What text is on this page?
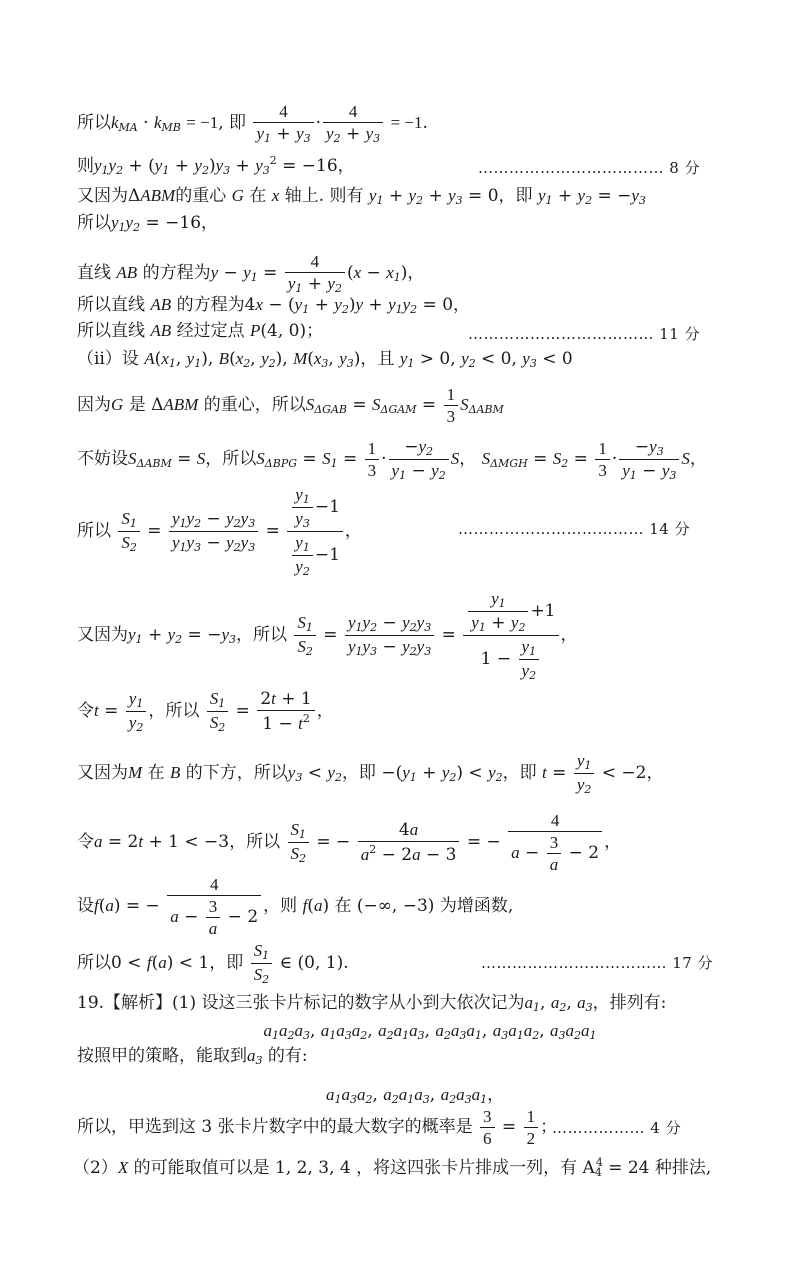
所以$k_{MA} \cdot k_{MB} = -1$, 即 $\frac{4}{y_1 + y_3} \cdot \frac{4}{y_2 + y_3} = -1$.
则$y_1y_2 + (y_1 + y_2)y_3 + y_3^2 = -16$，	……………………………… 8 分
又因为ΔABM的重心 G 在 x 轴上. 则有 $y_1 + y_2 + y_3 = 0$，即 $y_1 + y_2 = -y_3$
所以$y_1y_2 = -16$，
直线 AB 的方程为$y - y_1 = \frac{4}{y_1 + y_2} (x - x_1)$，
所以直线 AB 的方程为$4x - (y_1 + y_2)y + y_1y_2 = 0$，
所以直线 AB 经过定点 P(4, 0)；	……………………………… 11 分
（ⅱ）设 $A(x_1$, $y_1$), $B(x_2$, $y_2$), $M(x_3$, $y_3$)，且 $y_1 > 0$, $y_2 < 0$, $y_3 < 0$
因为G 是 ΔABM 的重心，所以$S_{\Delta GAB} = S_{\Delta GAM} = \frac{1}{3} S_{\Delta ABM}$
不妨设$S_{\Delta ABM} = S$，所以$S_{\Delta BPG} = S_1 = \frac{1}{3} \cdot \frac{-y_2}{y_1 - y_2}$ S， $S_{\Delta MGH} = S_2 = \frac{1}{3} \cdot \frac{-y_3}{y_1 - y_3}$ S，
所以 $\frac{S_1}{S_2} = \frac{y_1y_2 - y_2y_3}{y_1y_3 - y_2y_3} = \frac{\frac{y_1}{y_3} -1}{\frac{y_1}{y_2} -1}$ ，	……………………………… 14 分
又因为$y_1 + y_2 = -y_3$，所以 $\frac{S_1}{S_2} = \frac{y_1y_2 - y_2y_3}{y_1y_3 - y_2y_3} = \frac{\frac{y_1}{y_1 + y_2} +1}{1 - \frac{y_1}{y_2}}$ ，
令$t = \frac{y_1}{y_2}$ ，所以 $\frac{S_1}{S_2} = \frac{2t + 1}{1 - t^2}$ ，
又因为M 在 B 的下方，所以$y_3 < y_2$，即 $-(y_1 + y_2) < y_2$，即 $t = \frac{y_1}{y_2} < -2$，
令a = 2t + 1 < −3，所以 $\frac{S_1}{S_2}$ = − $\frac{4a}{a^2 - 2a - 3}$ = − $\frac{4}{a - \frac{3}{a} - 2}$ ，
设f(a) = − $\frac{4}{a - \frac{3}{a} - 2}$ ，则 f(a) 在 (−∞, −3) 为增函数,
所以0 < f(a) < 1，即 $\frac{S_1}{S_2}$ ∈ (0, 1).	……………………………… 17 分
19.【解析】(1) 设这三张卡片标记的数字从小到大依次记为$a_1$, $a_2$, $a_3$，排列有:
$a_1a_2a_3$, $a_1a_3a_2$, $a_2a_1a_3$, $a_2a_3a_1$, $a_3a_1a_2$, $a_3a_2a_1$
按照甲的策略，能取到$a_3$ 的有:
$a_1a_3a_2$, $a_2a_1a_3$, $a_2a_3a_1$，
所以，甲选到这 3 张卡片数字中的最大数字的概率是 $\frac{3}{6} = \frac{1}{2}$ ；
……………… 4 分
（2）X 的可能取值可以是 1, 2, 3, 4 ，将这四张卡片排成一列，有 $A_4^4 = 24$ 种排法,
